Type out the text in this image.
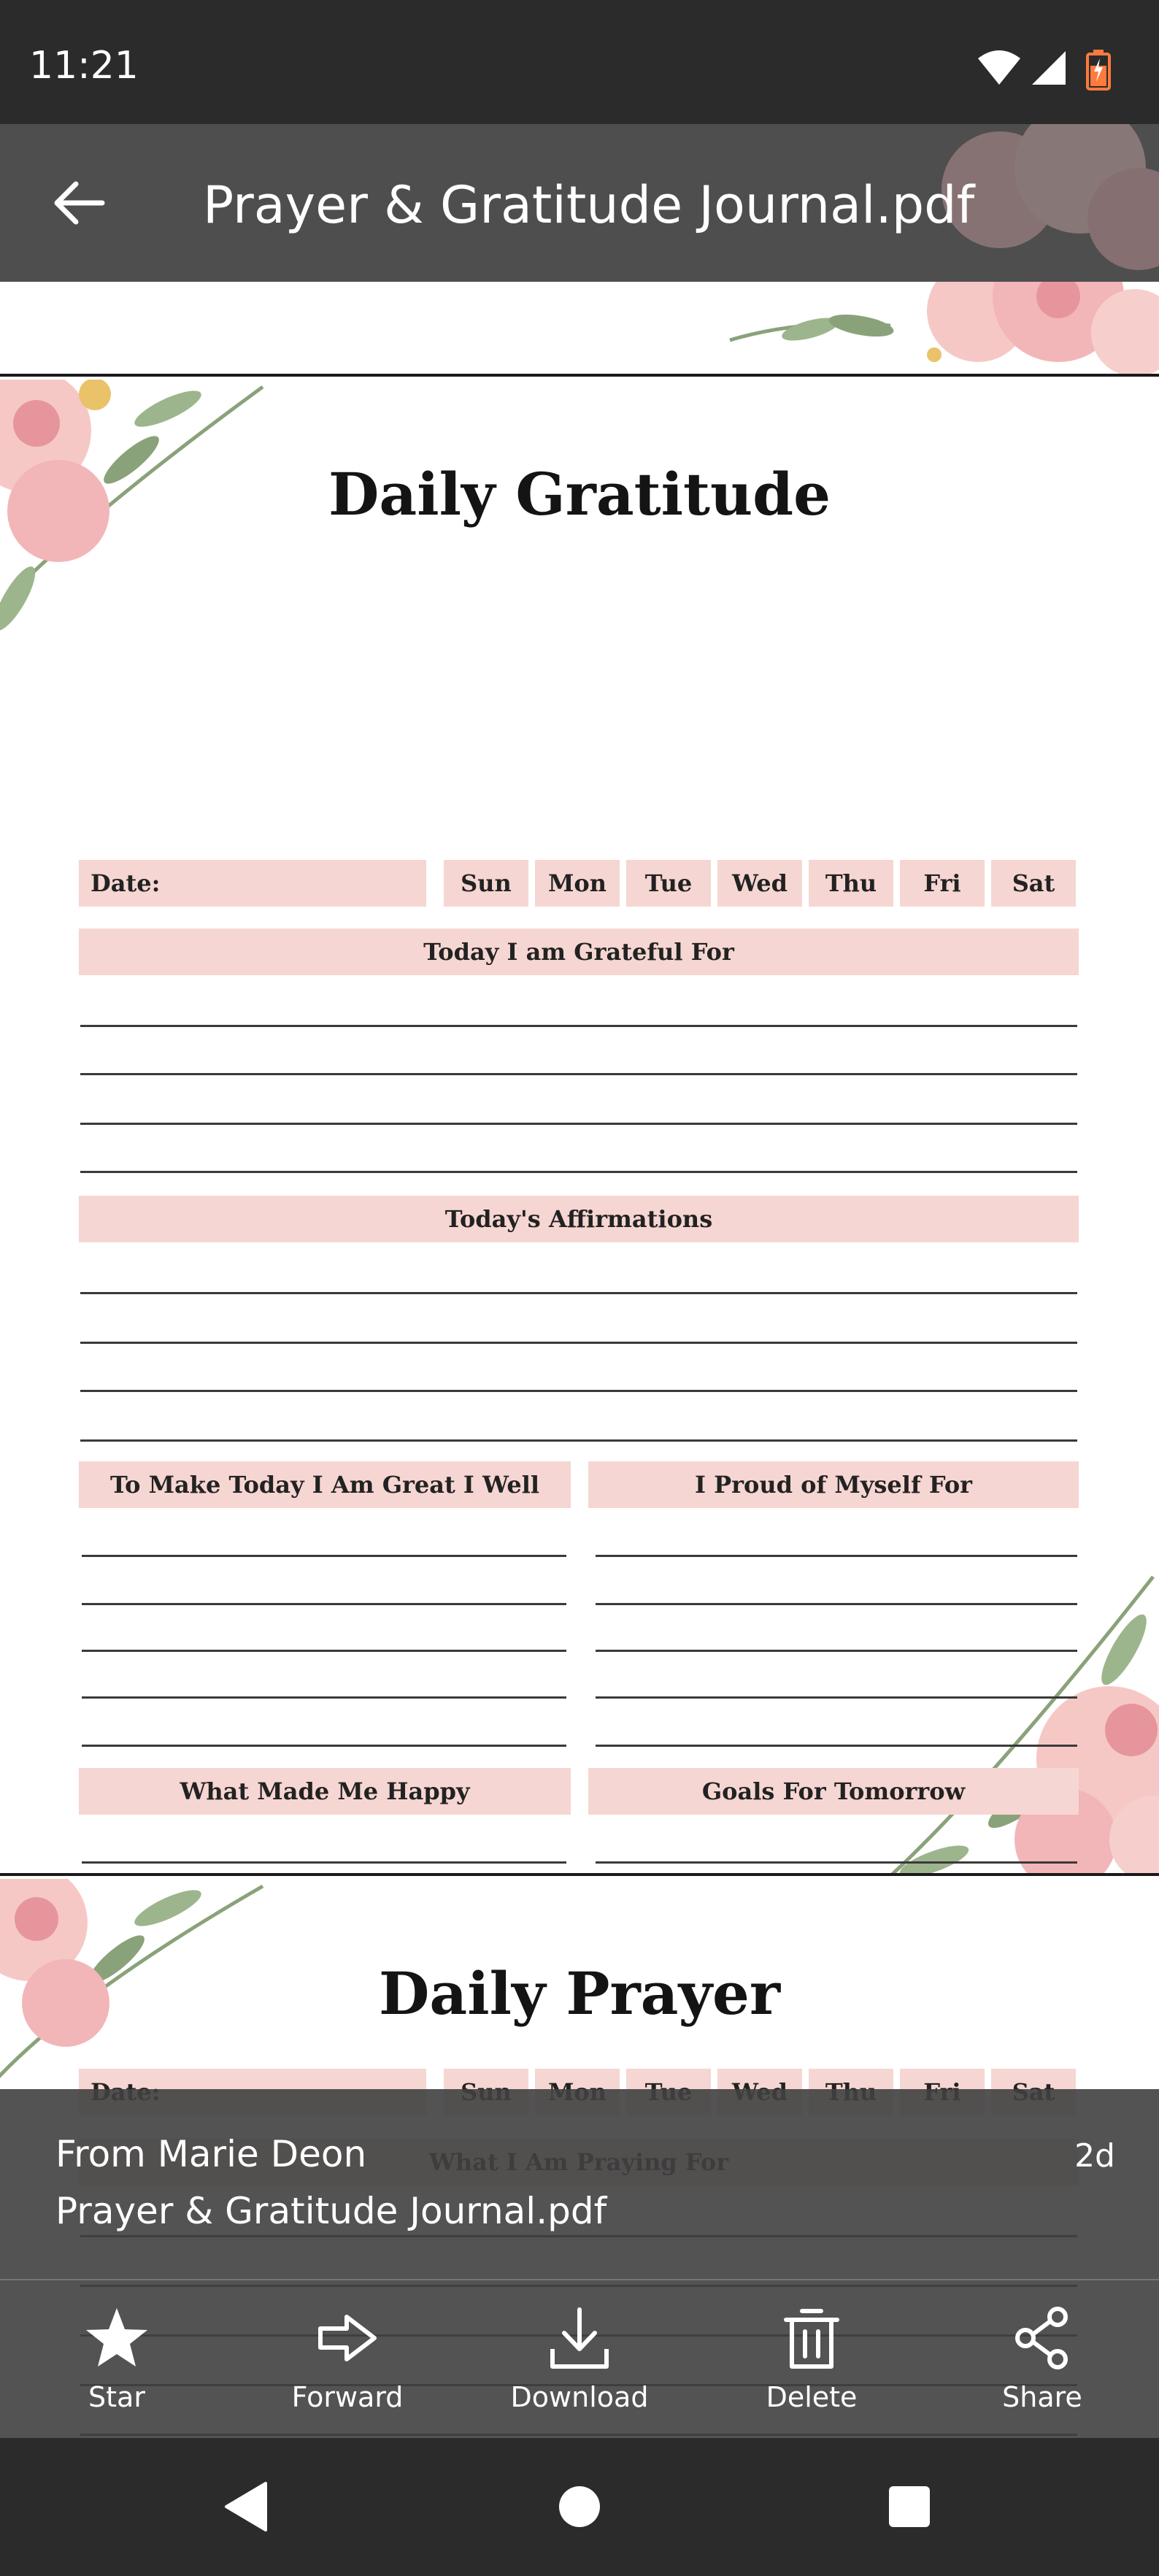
11:21
Prayer & Gratitude Journal.pdf
Daily Gratitude
Date:	Sun	Mon	Tue	Wed	Thu	Fri	Sat
Today I am Grateful For
Today's Affirmations
To Make Today I Am Great I Well	I Proud of Myself For
What Made Me Happy	Goals For Tomorrow
Daily Prayer
From Marie Deon
Prayer & Gratitude Journal.pdf
2d
Star	Forward	Download	Delete	Share
